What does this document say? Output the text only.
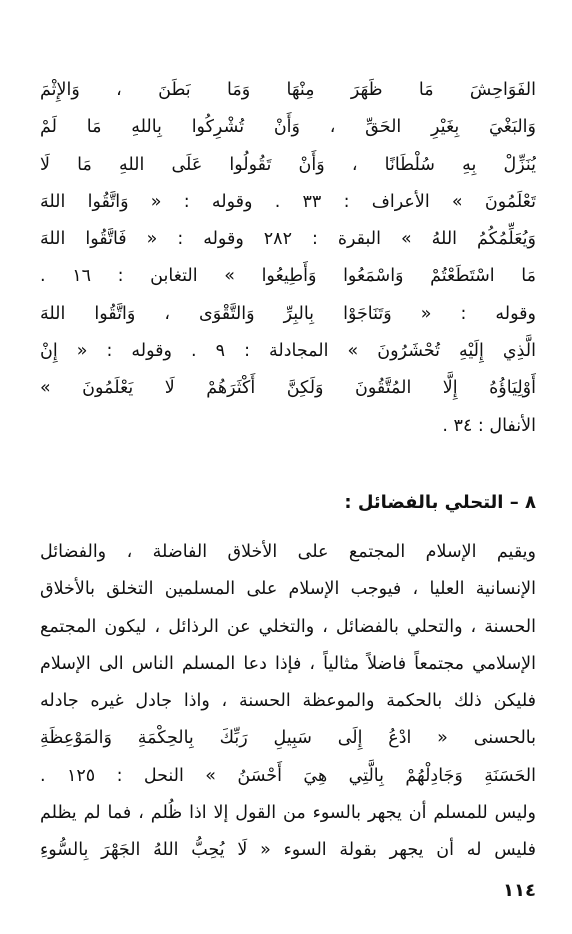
الفَوَاحِشَ مَا ظَهَرَ مِنْهَا وَمَا بَطَنَ ، وَالإِثْمَ
وَالبَغْيَ بِغَيْرِ الحَقِّ ، وَأَنْ تُشْرِكُوا بِاللهِ مَا لَمْ
يُنَزِّلْ بِهِ سُلْطَانًا ، وَأَنْ تَقُولُوا عَلَى اللهِ مَا لَا
تَعْلَمُونَ » الأعراف : ٣٣ . وقوله : « وَاتَّقُوا اللهَ
وَيُعَلِّمُكُمُ اللهُ » البقرة : ٢٨٢ وقوله : « فَاتَّقُوا اللهَ
مَا اسْتَطَعْتُمْ وَاسْمَعُوا وَأَطِيعُوا » التغابن : ١٦ .
وقوله : « وَتَنَاجَوْا بِالبِرِّ وَالتَّقْوَى ، وَاتَّقُوا اللهَ
الَّذِي إِلَيْهِ تُحْشَرُونَ » المجادلة : ٩ . وقوله : « إِنْ
أَوْلِيَاؤُهُ إِلَّا المُتَّقُونَ وَلَكِنَّ أَكْثَرَهُمْ لَا يَعْلَمُونَ »
الأنفال : ٣٤ .
٨ – التحلي بالفضائل :
ويقيم الإسلام المجتمع على الأخلاق الفاضلة ، والفضائل
الإنسانية العليا ، فيوجب الإسلام على المسلمين التخلق بالأخلاق
الحسنة ، والتحلي بالفضائل ، والتخلي عن الرذائل ، ليكون المجتمع
الإسلامي مجتمعاً فاضلاً مثالياً ، فإذا دعا المسلم الناس الى الإسلام
فليكن ذلك بالحكمة والموعظة الحسنة ، واذا جادل غيره جادله
بالحسنى « ادْعُ إِلَى سَبِيلِ رَبِّكَ بِالحِكْمَةِ وَالمَوْعِظَةِ
الحَسَنَةِ وَجَادِلْهُمْ بِالَّتِي هِيَ أَحْسَنُ » النحل : ١٢٥ .
وليس للمسلم أن يجهر بالسوء من القول إلا اذا ظُلم ، فما لم يظلم
فليس له أن يجهر بقولة السوء « لَا يُحِبُّ اللهُ الجَهْرَ بِالسُّوءِ
١١٤
